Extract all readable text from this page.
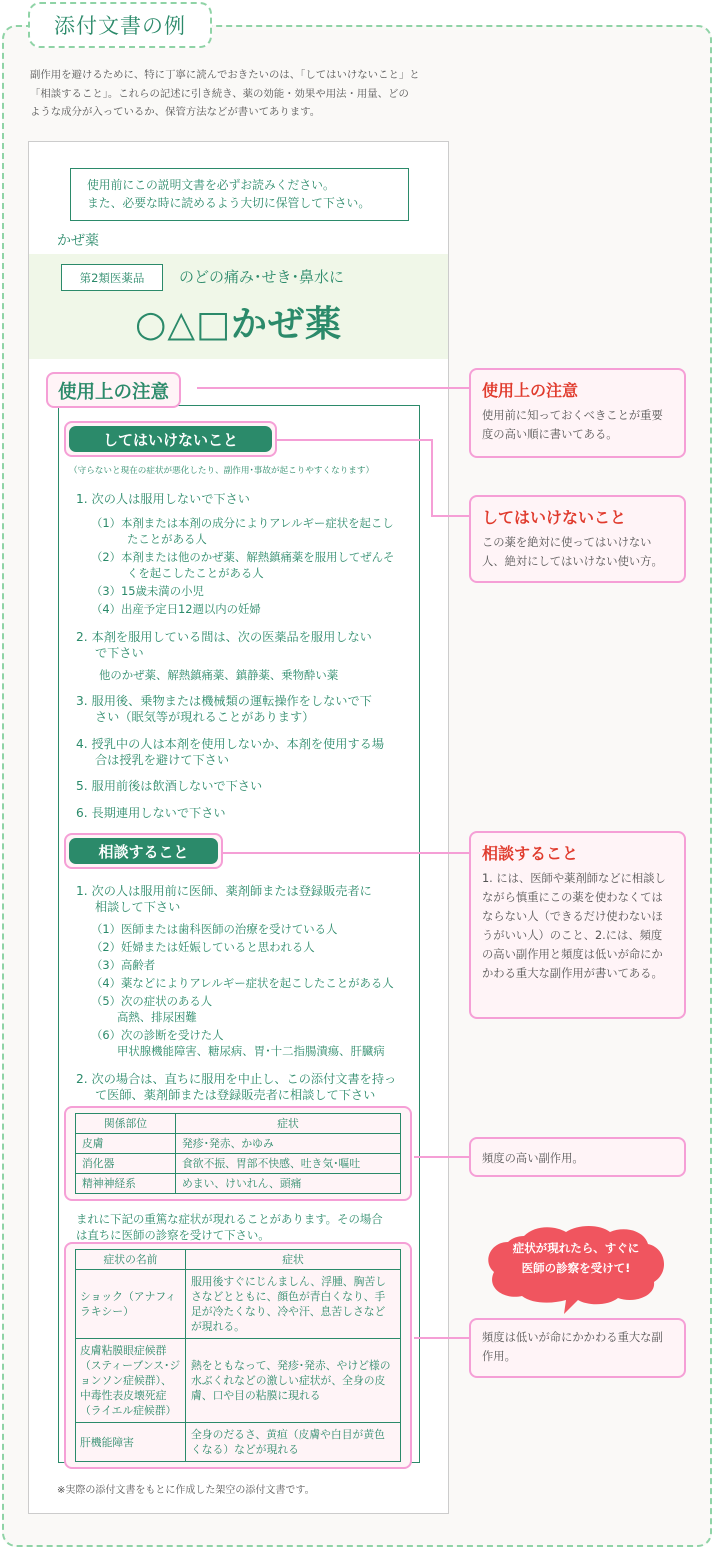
添付文書の例
副作用を避けるために、特に丁寧に読んでおきたいのは、「してはいけないこと」と
「相談すること」。これらの記述に引き続き、薬の効能・効果や用法・用量、どの
ような成分が入っているか、保管方法などが書いてあります。
使用前にこの説明文書を必ずお読みください。
また、必要な時に読めるよう大切に保管して下さい。
かぜ薬
第2類医薬品	のどの痛み･せき･鼻水に
○△□かぜ薬
使用上の注意
してはいけないこと
（守らないと現在の症状が悪化したり、副作用･事故が起こりやすくなります）
1. 次の人は服用しないで下さい
（1）本剤または本剤の成分によりアレルギー症状を起こし
たことがある人
（2）本剤または他のかぜ薬、解熱鎮痛薬を服用してぜんそ
くを起こしたことがある人
（3）15歳未満の小児
（4）出産予定日12週以内の妊婦
2. 本剤を服用している間は、次の医薬品を服用しない
で下さい
他のかぜ薬、解熱鎮痛薬、鎮静薬、乗物酔い薬
3. 服用後、乗物または機械類の運転操作をしないで下
さい（眠気等が現れることがあります）
4. 授乳中の人は本剤を使用しないか、本剤を使用する場
合は授乳を避けて下さい
5. 服用前後は飲酒しないで下さい
6. 長期連用しないで下さい
相談すること
1. 次の人は服用前に医師、薬剤師または登録販売者に
相談して下さい
（1）医師または歯科医師の治療を受けている人
（2）妊婦または妊娠していると思われる人
（3）高齢者
（4）薬などによりアレルギー症状を起こしたことがある人
（5）次の症状のある人
高熱、排尿困難
（6）次の診断を受けた人
甲状腺機能障害、糖尿病、胃･十二指腸潰瘍、肝臓病
2. 次の場合は、直ちに服用を中止し、この添付文書を持っ
て医師、薬剤師または登録販売者に相談して下さい
関係部位	症状
皮膚	発疹･発赤、かゆみ
消化器	食欲不振、胃部不快感、吐き気･嘔吐
精神神経系	めまい、けいれん、頭痛
まれに下記の重篤な症状が現れることがあります。その場合
は直ちに医師の診察を受けて下さい。
症状の名前	症状
ショック（アナフィラキシー）	服用後すぐにじんましん、浮腫、胸苦しさなどとともに、顔色が青白くなり、手足が冷たくなり、冷や汗、息苦しさなどが現れる。
皮膚粘膜眼症候群（スティーブンス･ジョンソン症候群）、中毒性表皮壊死症（ライエル症候群）	熱をともなって、発疹･発赤、やけど様の水ぶくれなどの激しい症状が、全身の皮膚、口や目の粘膜に現れる
肝機能障害	全身のだるさ、黄疸（皮膚や白目が黄色くなる）などが現れる
※実際の添付文書をもとに作成した架空の添付文書です。
使用上の注意

使用前に知っておくべきことが重要度の高い順に書いてある。

してはいけないこと

この薬を絶対に使ってはいけない人、絶対にしてはいけない使い方。

相談すること

1. には、医師や薬剤師などに相談しながら慎重にこの薬を使わなくてはならない人（できるだけ使わないほうがいい人）のこと、2.には、頻度の高い副作用と頻度は低いが命にかかわる重大な副作用が書いてある。

頻度の高い副作用。

頻度は低いが命にかかわる重大な副作用。

症状が現れたら、すぐに
医師の診察を受けて!
